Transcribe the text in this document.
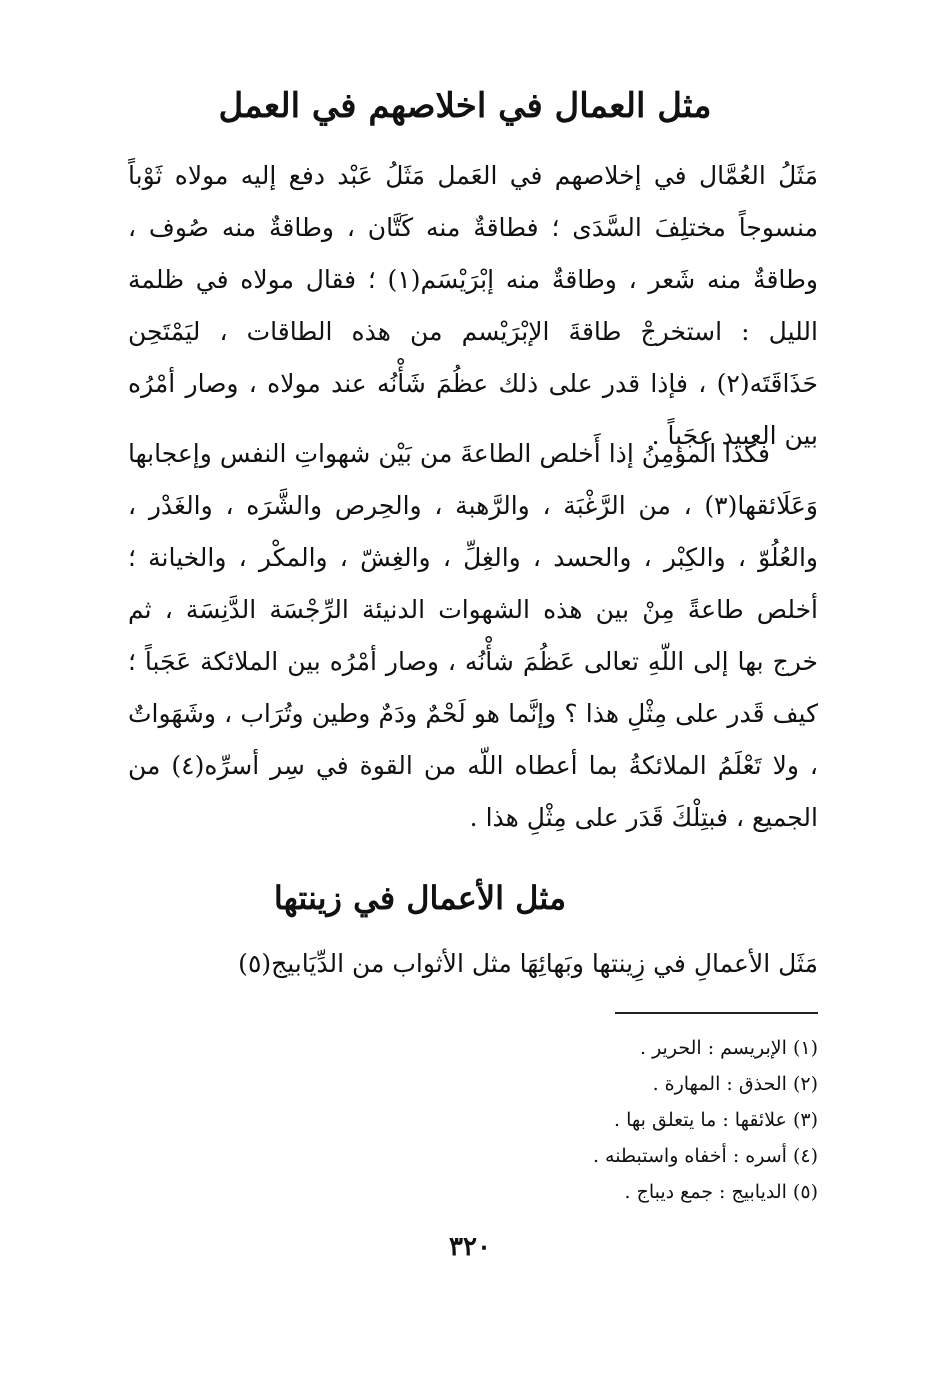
مثل العمال في اخلاصهم في العمل
مَثَلُ العُمَّال في إخلاصهم في العَمل مَثَلُ عَبْد دفع إليه مولاه ثَوْباً منسوجاً مختلِفَ السَّدَى ؛ فطاقةٌ منه كَتَّان ، وطاقةٌ منه صُوف ، وطاقةٌ منه شَعر ، وطاقةٌ منه إبْرَيْسَم(١) ؛ فقال مولاه في ظلمة الليل : استخرجْ طاقةَ الإبْرَيْسم من هذه الطاقات ، ليَمْتَحِن حَذَاقَتَه(٢) ، فإذا قدر على ذلك عظُمَ شَأْنُه عند مولاه ، وصار أمْرُه بين العبيد عجَباً .
فكذا المؤمِنُ إذا أَخلص الطاعةَ من بَيْن شهواتِ النفس وإعجابها وَعَلَائقها(٣) ، من الرَّغْبَة ، والرَّهبة ، والحِرص والشَّرَه ، والغَدْر ، والعُلُوّ ، والكِبْر ، والحسد ، والغِلِّ ، والغِشّ ، والمكْر ، والخيانة ؛ أخلص طاعةً مِنْ بين هذه الشهوات الدنيئة الرِّجْسَة الدَّنِسَة ، ثم خرج بها إلى اللّهِ تعالى عَظُمَ شأْنُه ، وصار أمْرُه بين الملائكة عَجَباً ؛ كيف قَدر على مِثْلِ هذا ؟ وإنَّما هو لَحْمٌ ودَمٌ وطين وتُرَاب ، وشَهَواتٌ ، ولا تَعْلَمُ الملائكةُ بما أعطاه اللّه من القوة في سِر أسرِّه(٤) من الجميع ، فبتِلْكَ قَدَر على مِثْلِ هذا .
مثل الأعمال في زينتها
مَثَل الأعمالِ في زِينتها وبَهائِهَا مثل الأثواب من الدِّيَابيج(٥)
(١) الإبريسم : الحرير .
(٢) الحذق : المهارة .
(٣) علائقها : ما يتعلق بها .
(٤) أسره : أخفاه واستبطنه .
(٥) الديابيج : جمع ديباج .
٣٢٠
